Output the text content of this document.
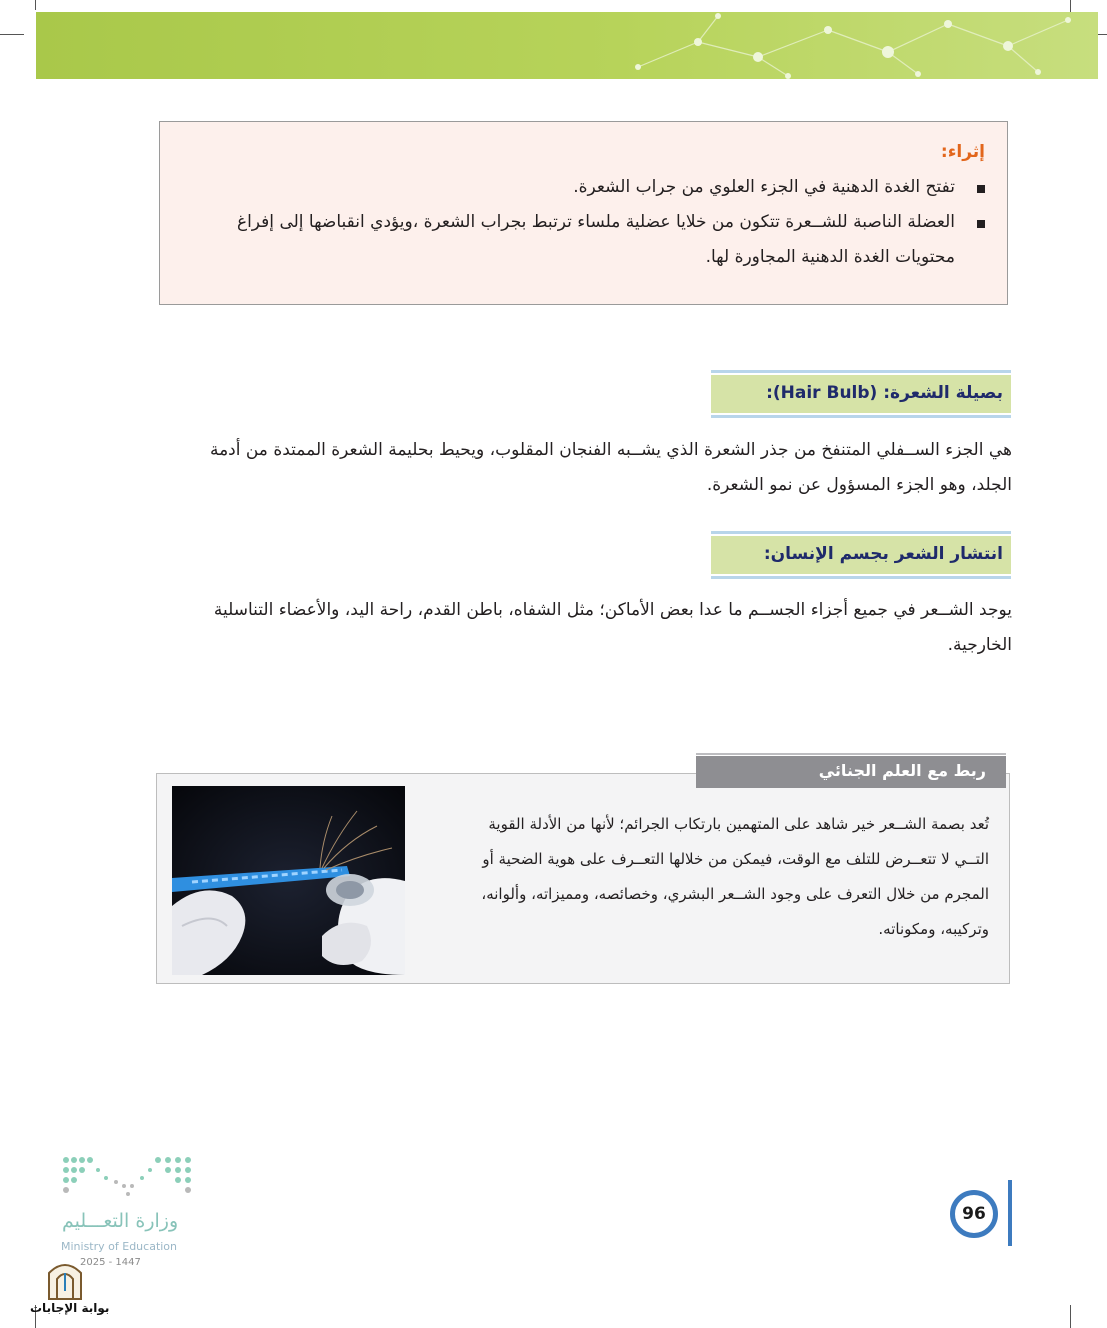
إثراء:
تفتح الغدة الدهنية في الجزء العلوي من جراب الشعرة.
العضلة الناصبة للشــعرة تتكون من خلايا عضلية ملساء ترتبط بجراب الشعرة ،ويؤدي انقباضها إلى إفراغ
محتويات الغدة الدهنية المجاورة لها.
بصيلة الشعرة: (Hair Bulb):
هي الجزء الســفلي المتنفخ من جذر الشعرة الذي يشــبه الفنجان المقلوب، ويحيط بحليمة الشعرة الممتدة من أدمة
الجلد، وهو الجزء المسؤول عن نمو الشعرة.
انتشار الشعر بجسم الإنسان:
يوجد الشــعر في جميع أجزاء الجســم ما عدا بعض الأماكن؛ مثل الشفاه، باطن القدم، راحة اليد، والأعضاء التناسلية
الخارجية.
ربط مع العلم الجنائي
تُعد بصمة الشــعر خير شاهد على المتهمين بارتكاب الجرائم؛ لأنها من الأدلة القوية
التــي لا تتعــرض للتلف مع الوقت، فيمكن من خلالها التعــرف على هوية الضحية أو
المجرم من خلال التعرف على وجود الشــعر البشري، وخصائصه، ومميزاته، وألوانه،
وتركيبه، ومكوناته.
96
وزارة التعـــليم
Ministry of Education
2025 - 1447
بوابة الإجابات
